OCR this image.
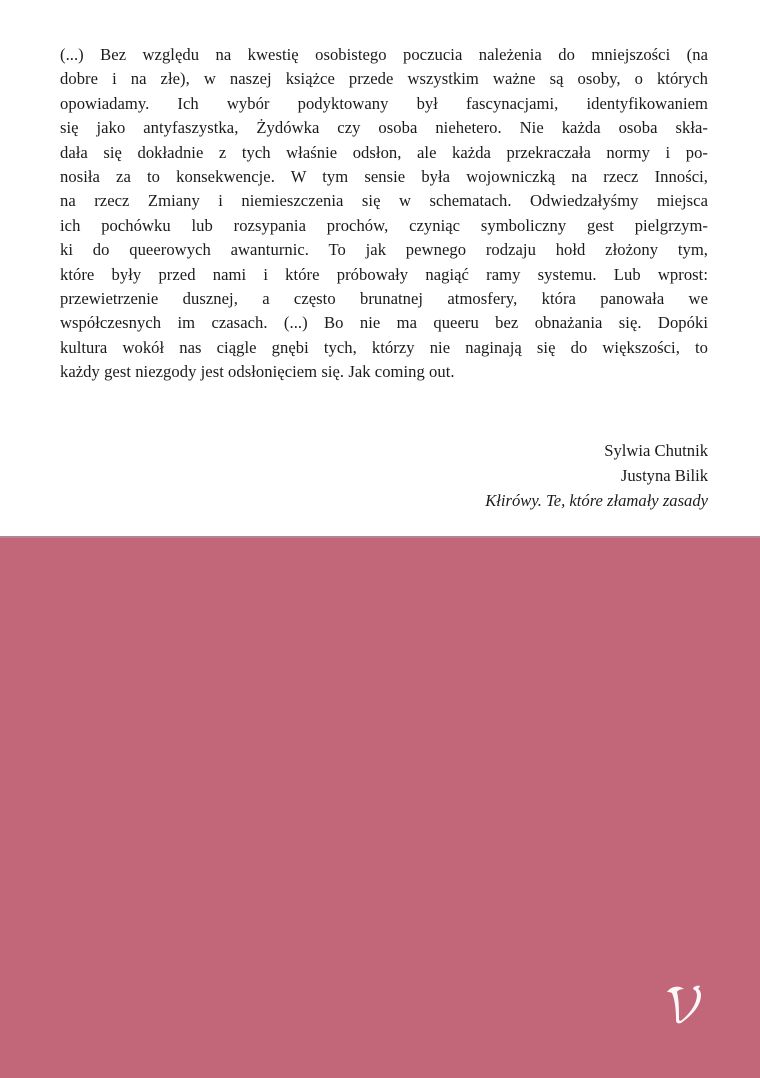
(...) Bez względu na kwestię osobistego poczucia należenia do mniejszości (na
dobre i na złe), w naszej książce przede wszystkim ważne są osoby, o których
opowiadamy. Ich wybór podyktowany był fascynacjami, identyfikowaniem
się jako antyfaszystka, Żydówka czy osoba niehetero. Nie każda osoba skła-
dała się dokładnie z tych właśnie odsłon, ale każda przekraczała normy i po-
nosiła za to konsekwencje. W tym sensie była wojowniczką na rzecz Inności,
na rzecz Zmiany i niemieszczenia się w schematach. Odwiedzałyśmy miejsca
ich pochówku lub rozsypania prochów, czyniąc symboliczny gest pielgrzym-
ki do queerowych awanturnic. To jak pewnego rodzaju hołd złożony tym,
które były przed nami i które próbowały nagiąć ramy systemu. Lub wprost:
przewietrzenie dusznej, a często brunatnej atmosfery, która panowała we
współczesnych im czasach. (...) Bo nie ma queeru bez obnażania się. Dopóki
kultura wokół nas ciągle gnębi tych, którzy nie naginają się do większości, to
każdy gest niezgody jest odsłonięciem się. Jak coming out.
Sylwia Chutnik
Justyna Bilik
Kłirówy. Te, które złamały zasady
